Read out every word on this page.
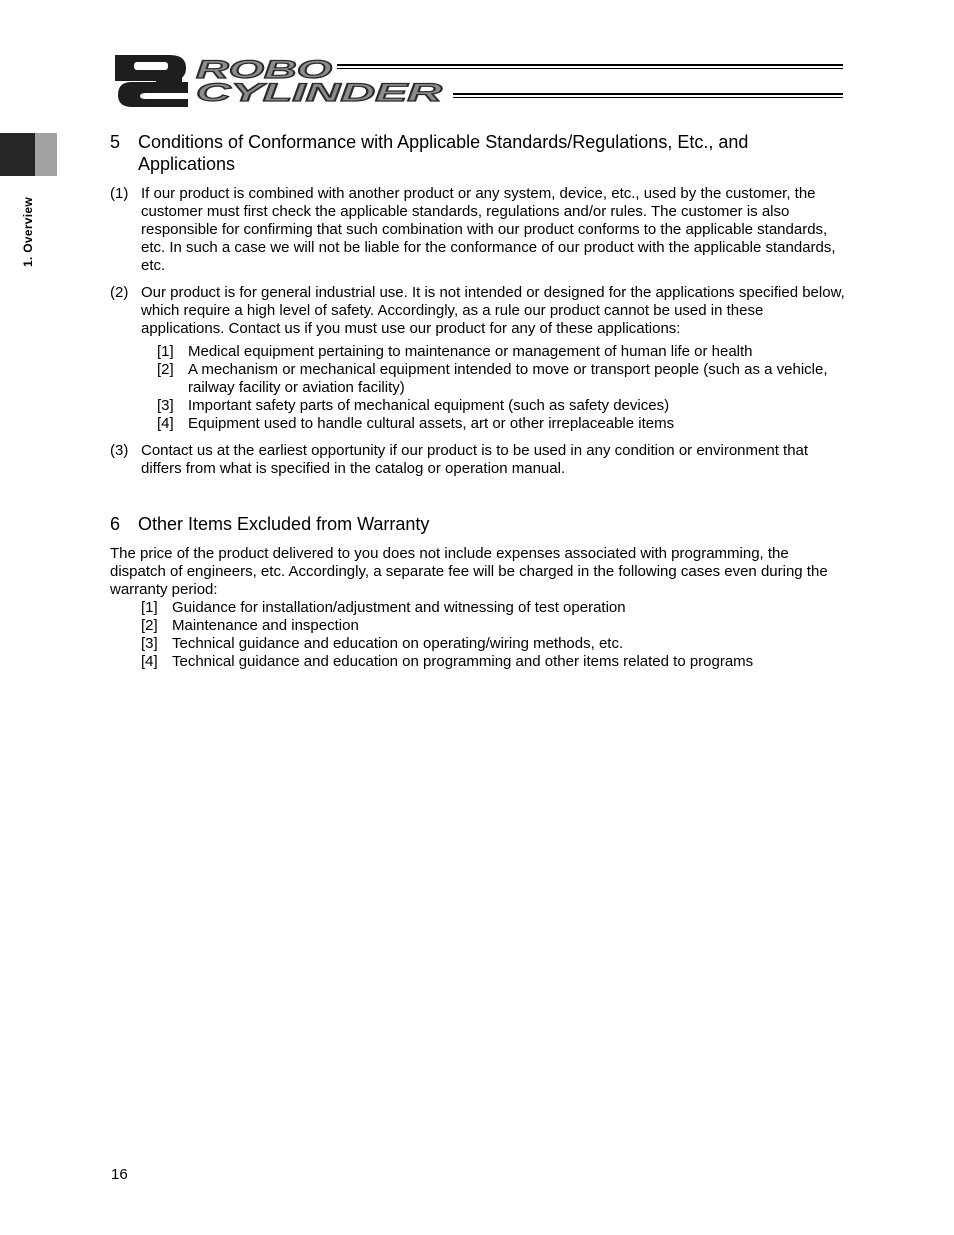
ROBO
CYLINDER
1. Overview
5 Conditions of Conformance with Applicable Standards/Regulations, Etc., and Applications
(1) If our product is combined with another product or any system, device, etc., used by the customer, the customer must first check the applicable standards, regulations and/or rules. The customer is also responsible for confirming that such combination with our product conforms to the applicable standards, etc. In such a case we will not be liable for the conformance of our product with the applicable standards, etc.
(2) Our product is for general industrial use. It is not intended or designed for the applications specified below, which require a high level of safety. Accordingly, as a rule our product cannot be used in these applications. Contact us if you must use our product for any of these applications:
[1] Medical equipment pertaining to maintenance or management of human life or health
[2] A mechanism or mechanical equipment intended to move or transport people (such as a vehicle, railway facility or aviation facility)
[3] Important safety parts of mechanical equipment (such as safety devices)
[4] Equipment used to handle cultural assets, art or other irreplaceable items
(3) Contact us at the earliest opportunity if our product is to be used in any condition or environment that differs from what is specified in the catalog or operation manual.
6 Other Items Excluded from Warranty
The price of the product delivered to you does not include expenses associated with programming, the dispatch of engineers, etc. Accordingly, a separate fee will be charged in the following cases even during the warranty period:
[1] Guidance for installation/adjustment and witnessing of test operation
[2] Maintenance and inspection
[3] Technical guidance and education on operating/wiring methods, etc.
[4] Technical guidance and education on programming and other items related to programs
16
